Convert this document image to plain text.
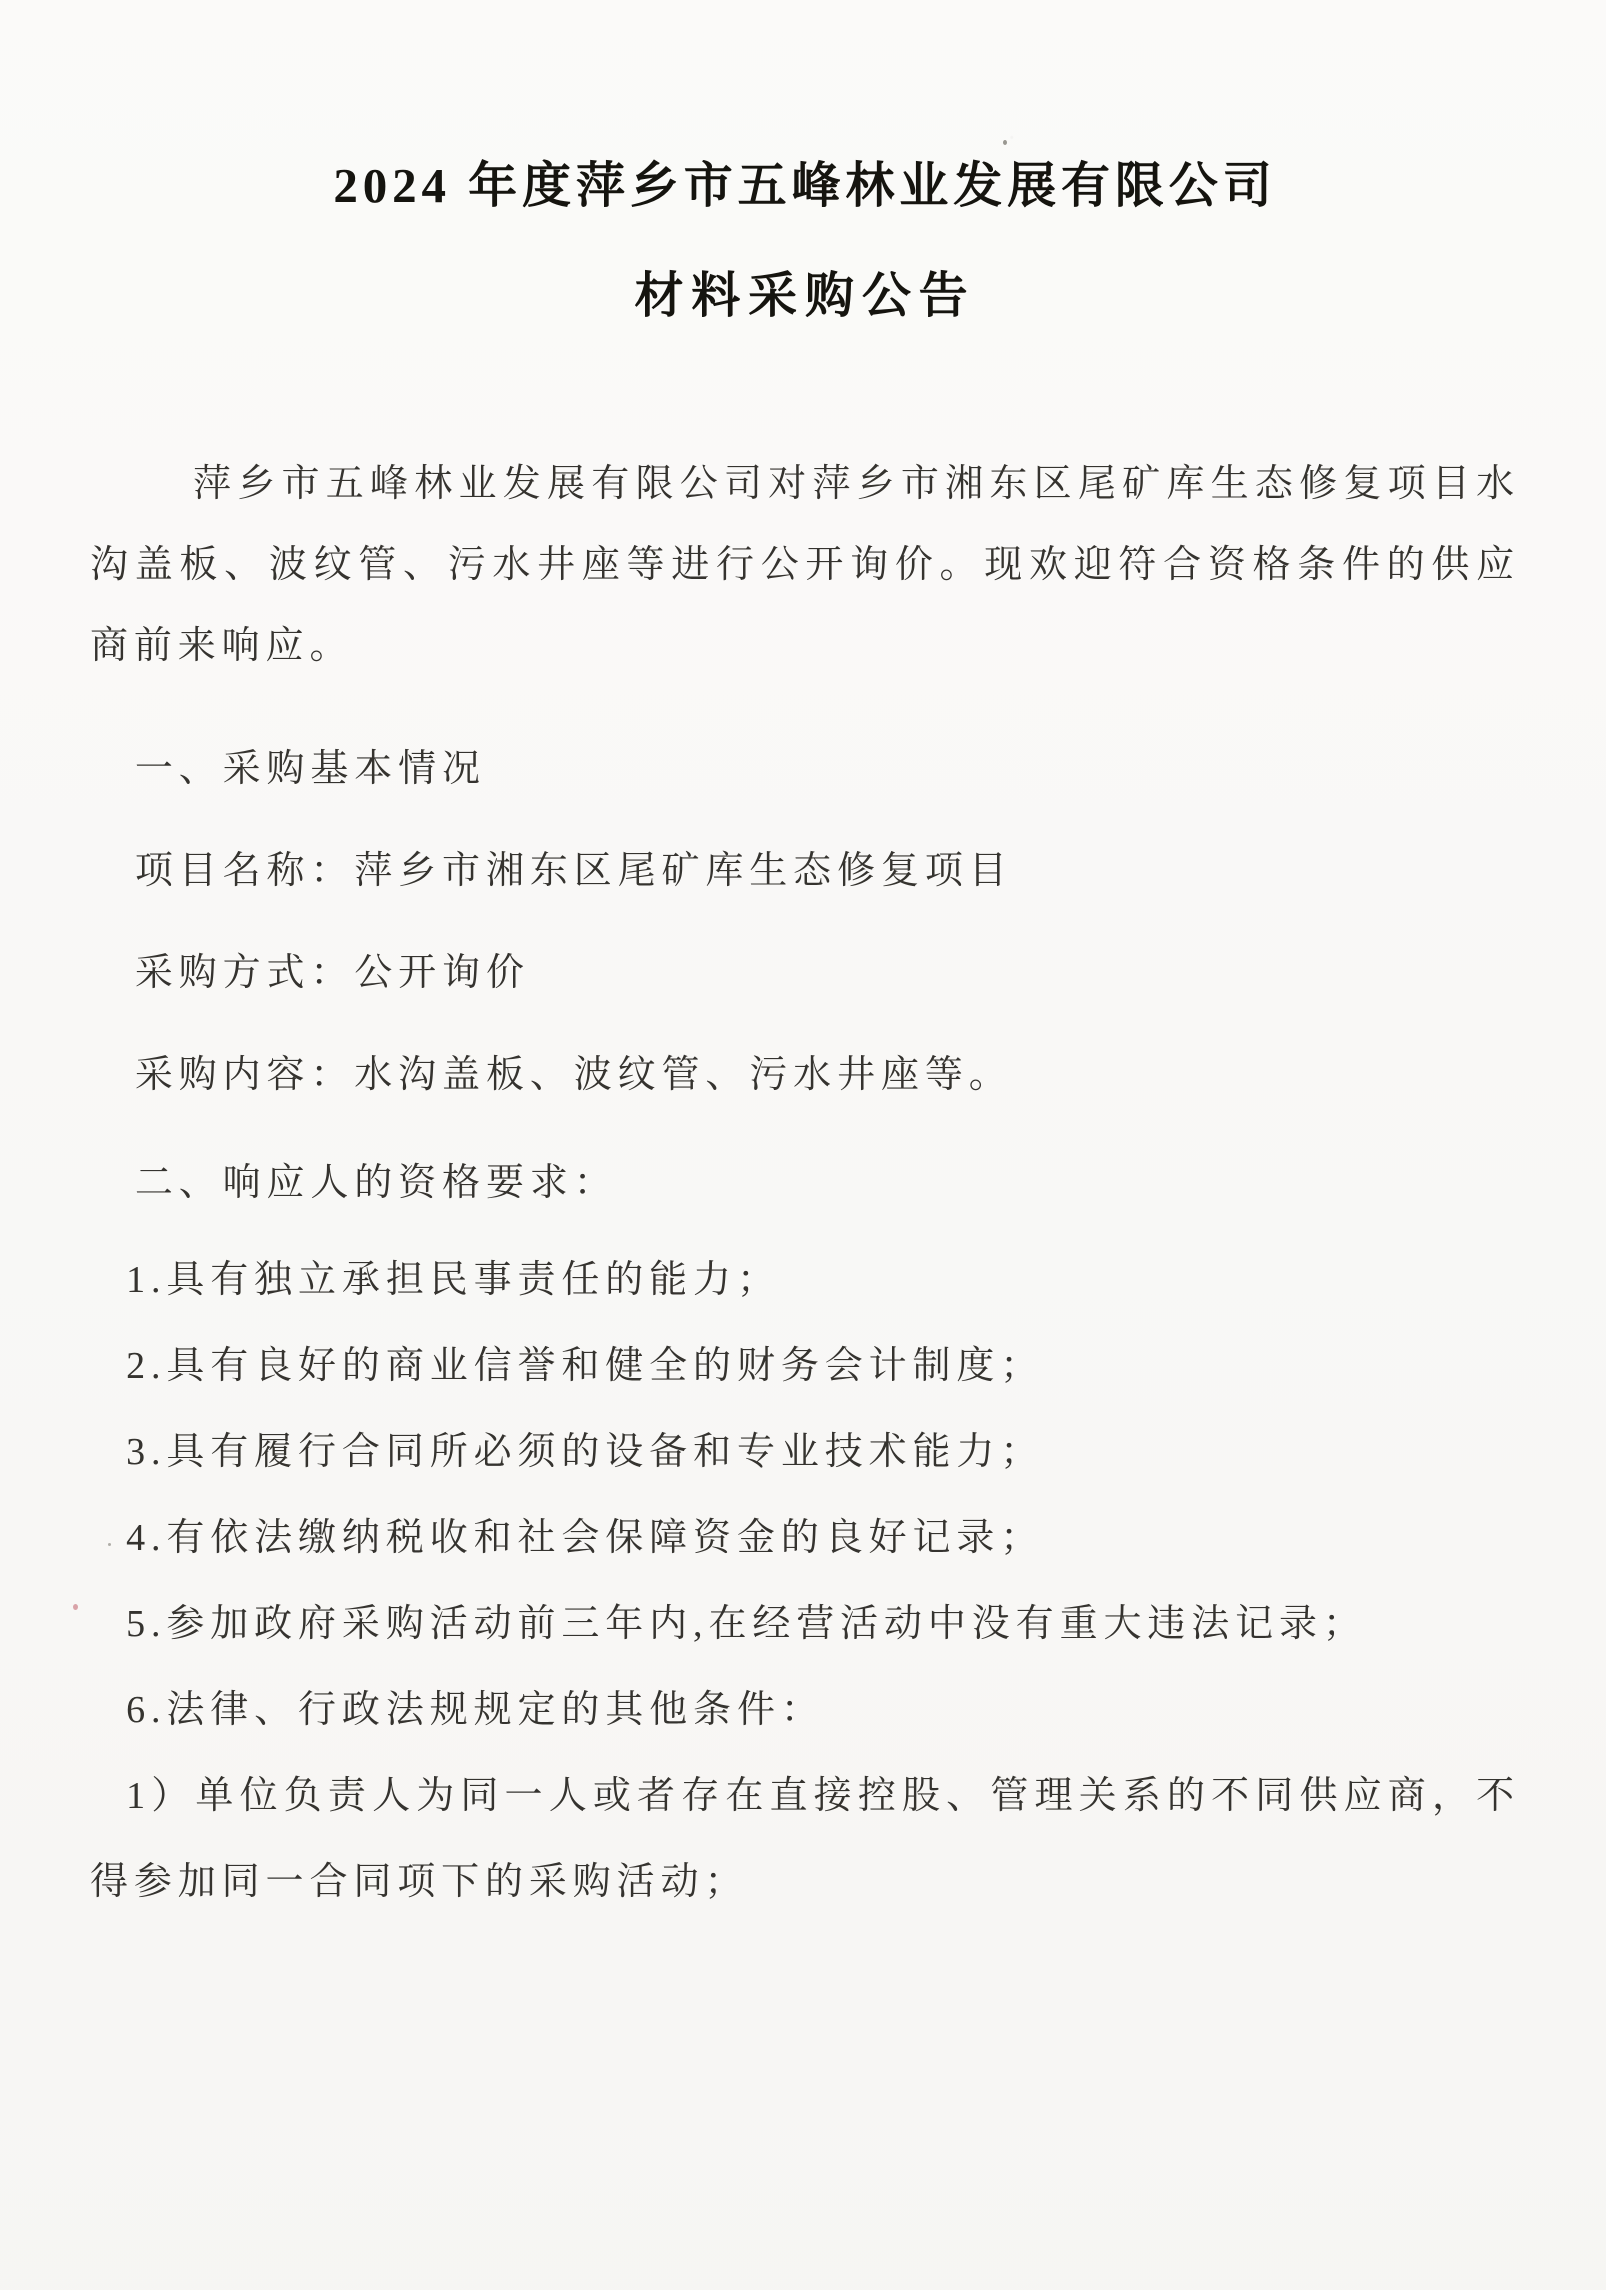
2024 年度萍乡市五峰林业发展有限公司
材料采购公告

萍乡市五峰林业发展有限公司对萍乡市湘东区尾矿库生态修复项目水沟盖板、波纹管、污水井座等进行公开询价。现欢迎符合资格条件的供应商前来响应。

一、采购基本情况
项目名称：萍乡市湘东区尾矿库生态修复项目
采购方式：公开询价
采购内容：水沟盖板、波纹管、污水井座等。
二、响应人的资格要求：
1.具有独立承担民事责任的能力；
2.具有良好的商业信誉和健全的财务会计制度；
3.具有履行合同所必须的设备和专业技术能力；
4.有依法缴纳税收和社会保障资金的良好记录；
5.参加政府采购活动前三年内,在经营活动中没有重大违法记录；
6.法律、行政法规规定的其他条件：

1）单位负责人为同一人或者存在直接控股、管理关系的不同供应商，不得参加同一合同项下的采购活动；
